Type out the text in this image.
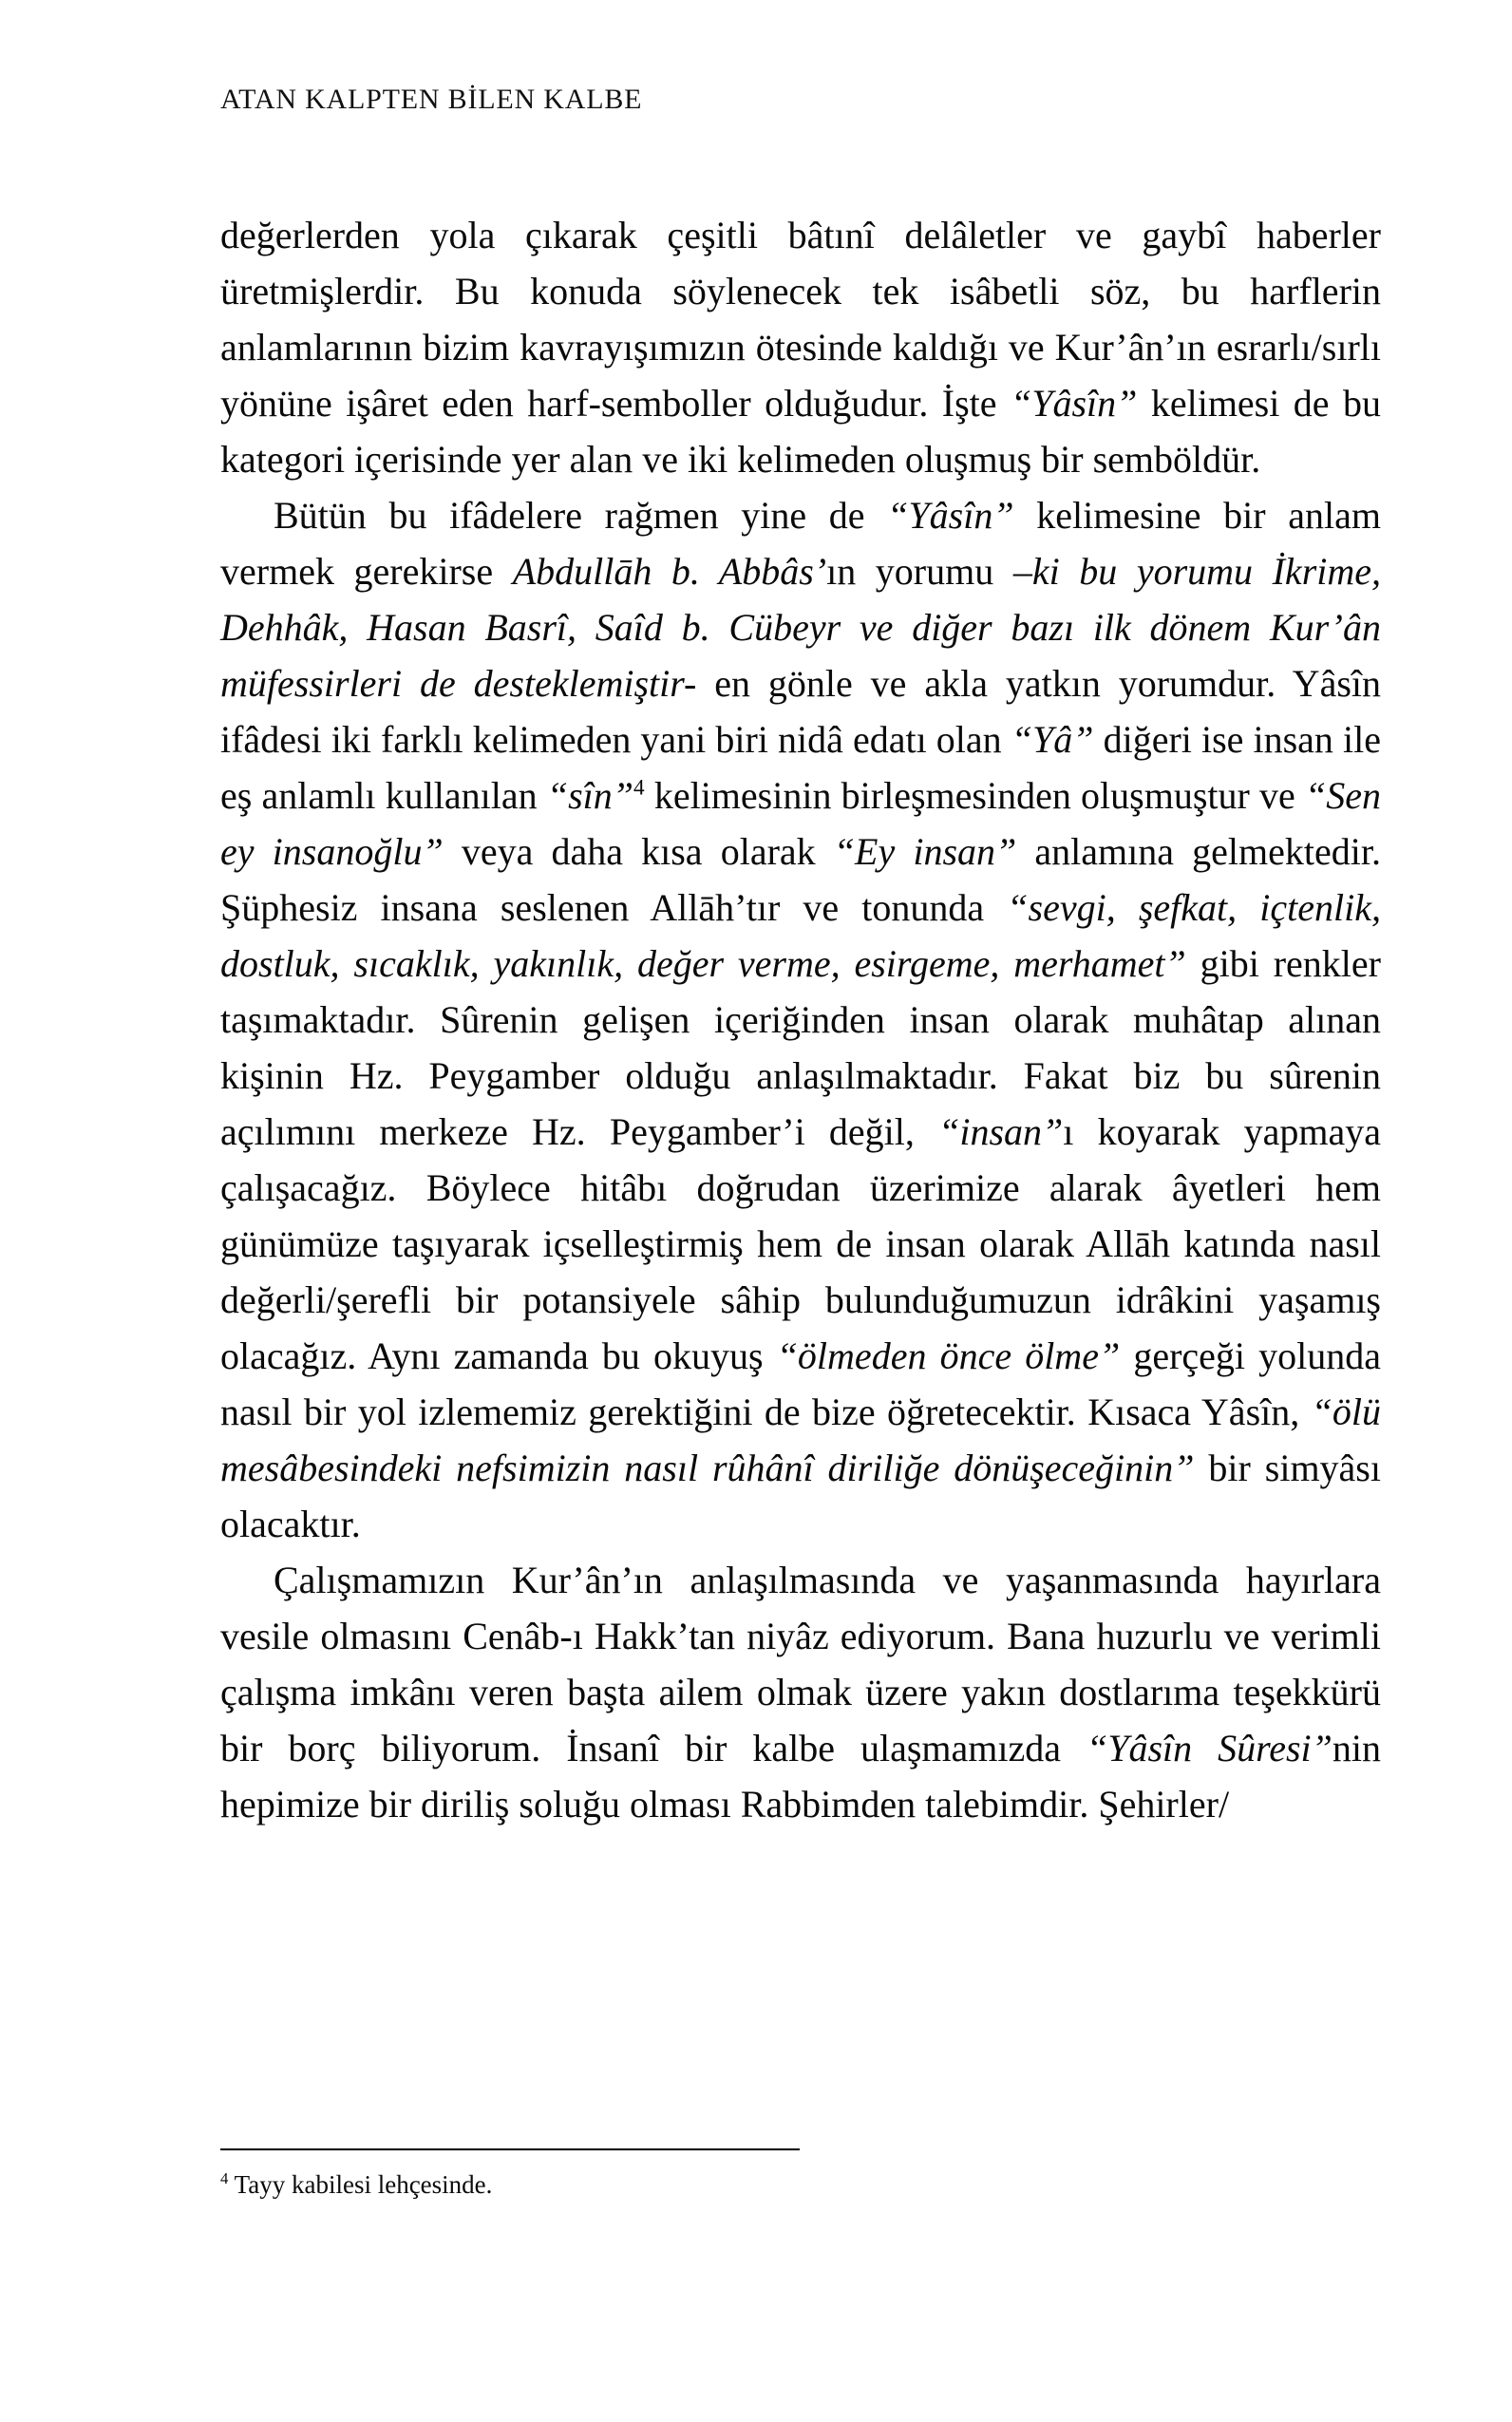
ATAN KALPTEN BİLEN KALBE

değerlerden yola çıkarak çeşitli bâtınî delâletler ve gaybî haberler üretmişlerdir. Bu konuda söylenecek tek isâbetli söz, bu harflerin anlamlarının bizim kavrayışımızın ötesinde kaldığı ve Kur’ân’ın esrarlı/sırlı yönüne işâret eden harf-semboller olduğudur. İşte “Yâsîn” kelimesi de bu kategori içerisinde yer alan ve iki kelimeden oluşmuş bir semböldür.

Bütün bu ifâdelere rağmen yine de “Yâsîn” kelimesine bir anlam vermek gerekirse Abdullāh b. Abbâs’ın yorumu –ki bu yorumu İkrime, Dehhâk, Hasan Basrî, Saîd b. Cübeyr ve diğer bazı ilk dönem Kur’ân müfessirleri de desteklemiştir- en gönle ve akla yatkın yorumdur. Yâsîn ifâdesi iki farklı kelimeden yani biri nidâ edatı olan “Yâ” diğeri ise insan ile eş anlamlı kullanılan “sîn”$^4$ kelimesinin birleşmesinden oluşmuştur ve “Sen ey insanoğlu” veya daha kısa olarak “Ey insan” anlamına gelmektedir. Şüphesiz insana seslenen Allāh’tır ve tonunda “sevgi, şefkat, içtenlik, dostluk, sıcaklık, yakınlık, değer verme, esirgeme, merhamet” gibi renkler taşımaktadır. Sûrenin gelişen içeriğinden insan olarak muhâtap alınan kişinin Hz. Peygamber olduğu anlaşılmaktadır. Fakat biz bu sûrenin açılımını merkeze Hz. Peygamber’i değil, “insan”ı koyarak yapmaya çalışacağız. Böylece hitâbı doğrudan üzerimize alarak âyetleri hem günümüze taşıyarak içselleştirmiş hem de insan olarak Allāh katında nasıl değerli/şerefli bir potansiyele sâhip bulunduğumuzun idrâkini yaşamış olacağız. Aynı zamanda bu okuyuş “ölmeden önce ölme” gerçeği yolunda nasıl bir yol izlememiz gerektiğini de bize öğretecektir. Kısaca Yâsîn, “ölü mesâbesindeki nefsimizin nasıl rûhânî diriliğe dönüşeceğinin” bir simyâsı olacaktır.

Çalışmamızın Kur’ân’ın anlaşılmasında ve yaşanmasında hayırlara vesile olmasını Cenâb-ı Hakk’tan niyâz ediyorum. Bana huzurlu ve verimli çalışma imkânı veren başta ailem olmak üzere yakın dostlarıma teşekkürü bir borç biliyorum. İnsanî bir kalbe ulaşmamızda “Yâsîn Sûresi”nin hepimize bir diriliş soluğu olması Rabbimden talebimdir. Şehirler/

$^4$ Tayy kabilesi lehçesinde.
